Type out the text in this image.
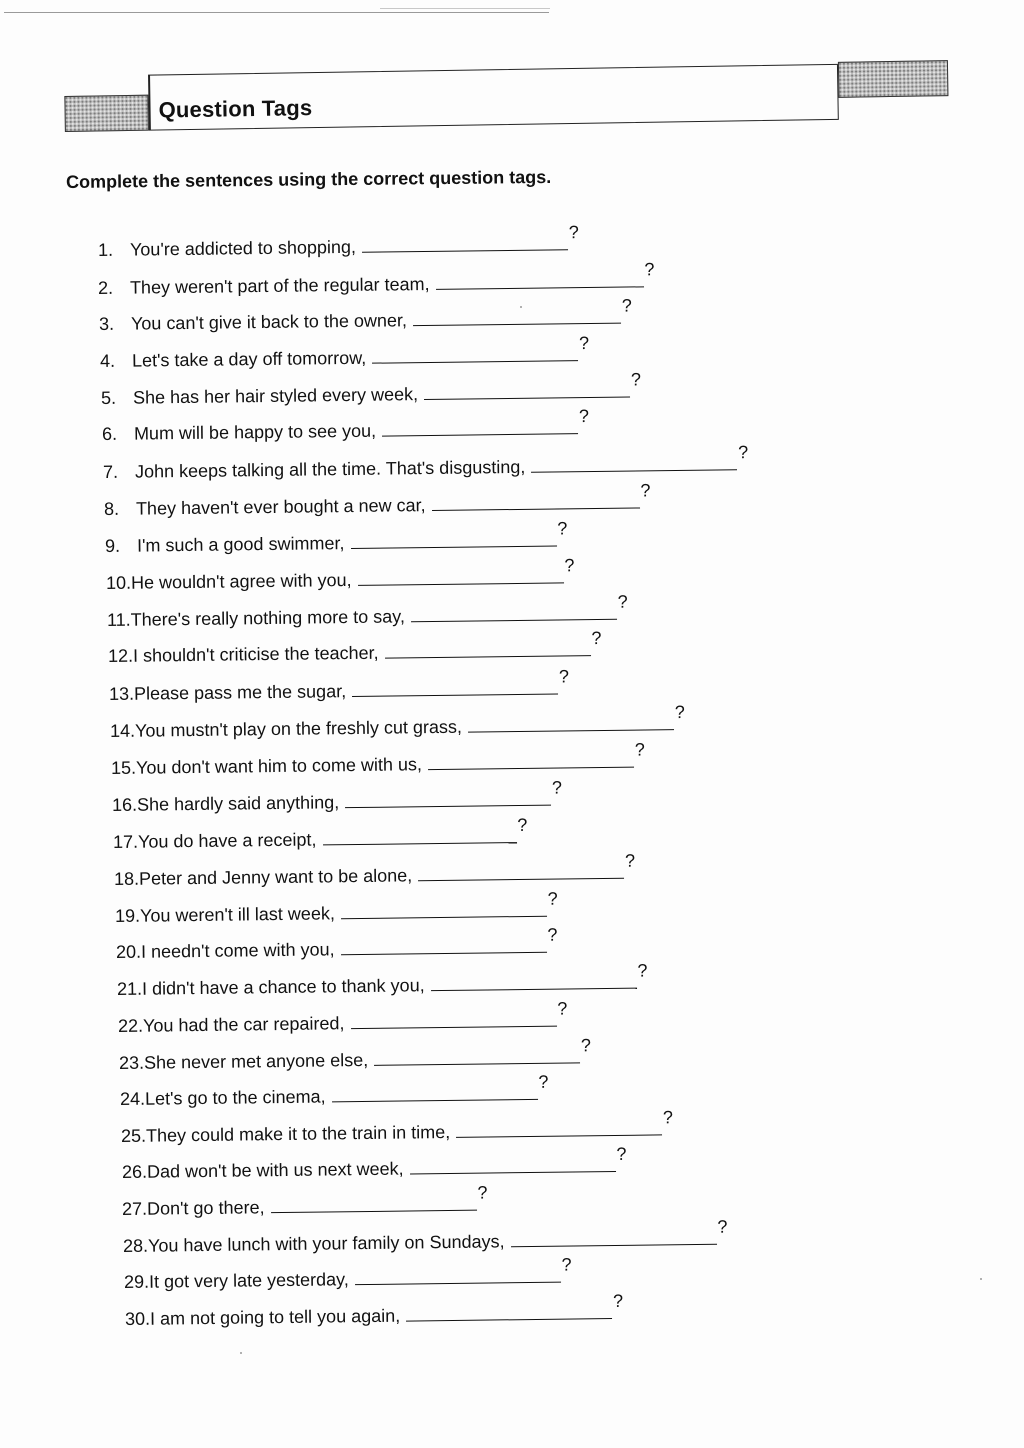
Question Tags
Complete the sentences using the correct question tags.
1. You're addicted to shopping,?
2. They weren't part of the regular team,?
3. You can't give it back to the owner,?
4. Let's take a day off tomorrow,?
5. She has her hair styled every week,?
6. Mum will be happy to see you,?
7. John keeps talking all the time. That's disgusting,?
8. They haven't ever bought a new car,?
9. I'm such a good swimmer,?
10.He wouldn't agree with you,?
11.There's really nothing more to say,?
12.I shouldn't criticise the teacher,?
13.Please pass me the sugar,?
14.You mustn't play on the freshly cut grass,?
15.You don't want him to come with us,?
16.She hardly said anything,?
17.You do have a receipt,?
18.Peter and Jenny want to be alone,?
19.You weren't ill last week,?
20.I needn't come with you,?
21.I didn't have a chance to thank you,?
22.You had the car repaired,?
23.She never met anyone else,?
24.Let's go to the cinema,?
25.They could make it to the train in time,?
26.Dad won't be with us next week,?
27.Don't go there,?
28.You have lunch with your family on Sundays,?
29.It got very late yesterday,?
30.I am not going to tell you again,?
